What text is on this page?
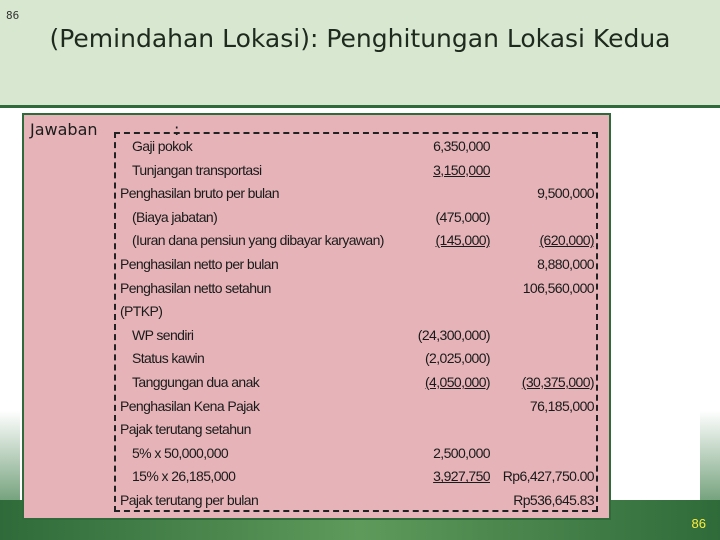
86
(Pemindahan Lokasi): Penghitungan Lokasi Kedua
Jawaban	:
Gaji pokok	6,350,000
Tunjangan transportasi	3,150,000
Penghasilan bruto per bulan	9,500,000
(Biaya jabatan)	(475,000)
(Iuran dana pensiun yang dibayar karyawan)	(145,000)	(620,000)
Penghasilan netto per bulan	8,880,000
Penghasilan netto setahun	106,560,000
(PTKP)
WP sendiri	(24,300,000)
Status kawin	(2,025,000)
Tanggungan dua anak	(4,050,000) (30,375,000)
Penghasilan Kena Pajak	76,185,000
Pajak terutang setahun
5% x 50,000,000	2,500,000
15% x 26,185,000	3,927,750 Rp6,427,750.00
Pajak terutang per bulan	Rp536,645.83
86
